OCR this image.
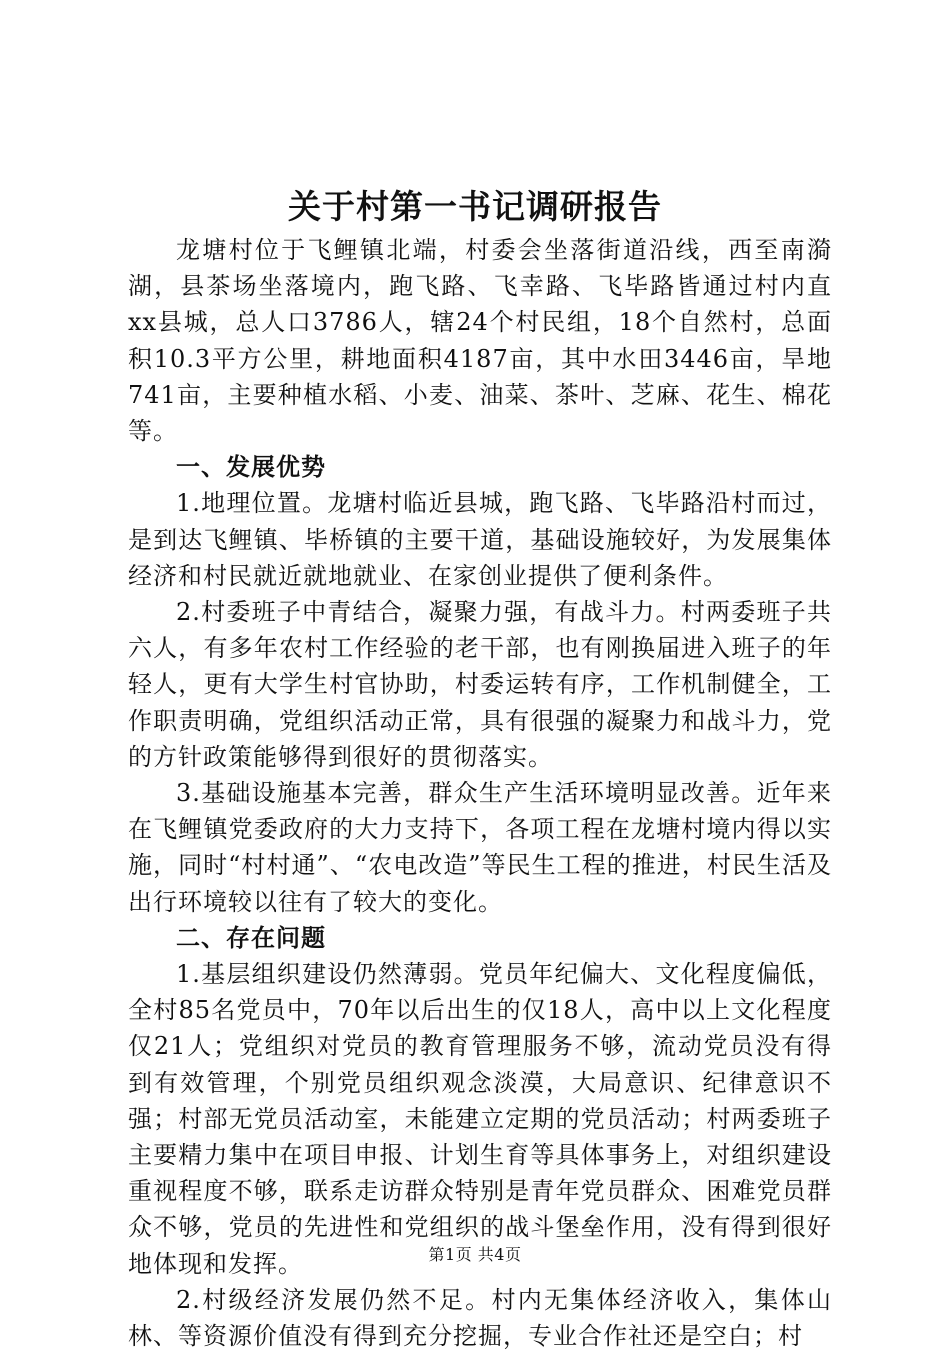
关于村第一书记调研报告

龙塘村位于飞鲤镇北端，村委会坐落街道沿线，西至南漪湖，县茶场坐落境内，跑飞路、飞幸路、飞毕路皆通过村内直xx县城，总人口3786人，辖24个村民组，18个自然村，总面积10.3平方公里，耕地面积4187亩，其中水田3446亩，旱地741亩，主要种植水稻、小麦、油菜、茶叶、芝麻、花生、棉花等。

一、发展优势

1.地理位置。龙塘村临近县城，跑飞路、飞毕路沿村而过，是到达飞鲤镇、毕桥镇的主要干道，基础设施较好，为发展集体经济和村民就近就地就业、在家创业提供了便利条件。

2.村委班子中青结合，凝聚力强，有战斗力。村两委班子共六人，有多年农村工作经验的老干部，也有刚换届进入班子的年轻人，更有大学生村官协助，村委运转有序，工作机制健全，工作职责明确，党组织活动正常，具有很强的凝聚力和战斗力，党的方针政策能够得到很好的贯彻落实。

3.基础设施基本完善，群众生产生活环境明显改善。近年来在飞鲤镇党委政府的大力支持下，各项工程在龙塘村境内得以实施，同时“村村通”、“农电改造”等民生工程的推进，村民生活及出行环境较以往有了较大的变化。

二、存在问题

1.基层组织建设仍然薄弱。党员年纪偏大、文化程度偏低，全村85名党员中，70年以后出生的仅18人，高中以上文化程度仅21人；党组织对党员的教育管理服务不够，流动党员没有得到有效管理，个别党员组织观念淡漠，大局意识、纪律意识不强；村部无党员活动室，未能建立定期的党员活动；村两委班子主要精力集中在项目申报、计划生育等具体事务上，对组织建设重视程度不够，联系走访群众特别是青年党员群众、困难党员群众不够，党员的先进性和党组织的战斗堡垒作用，没有得到很好地体现和发挥。

2.村级经济发展仍然不足。村内无集体经济收入，集体山林、等资源价值没有得到充分挖掘，专业合作社还是空白；村

第1页 共4页
